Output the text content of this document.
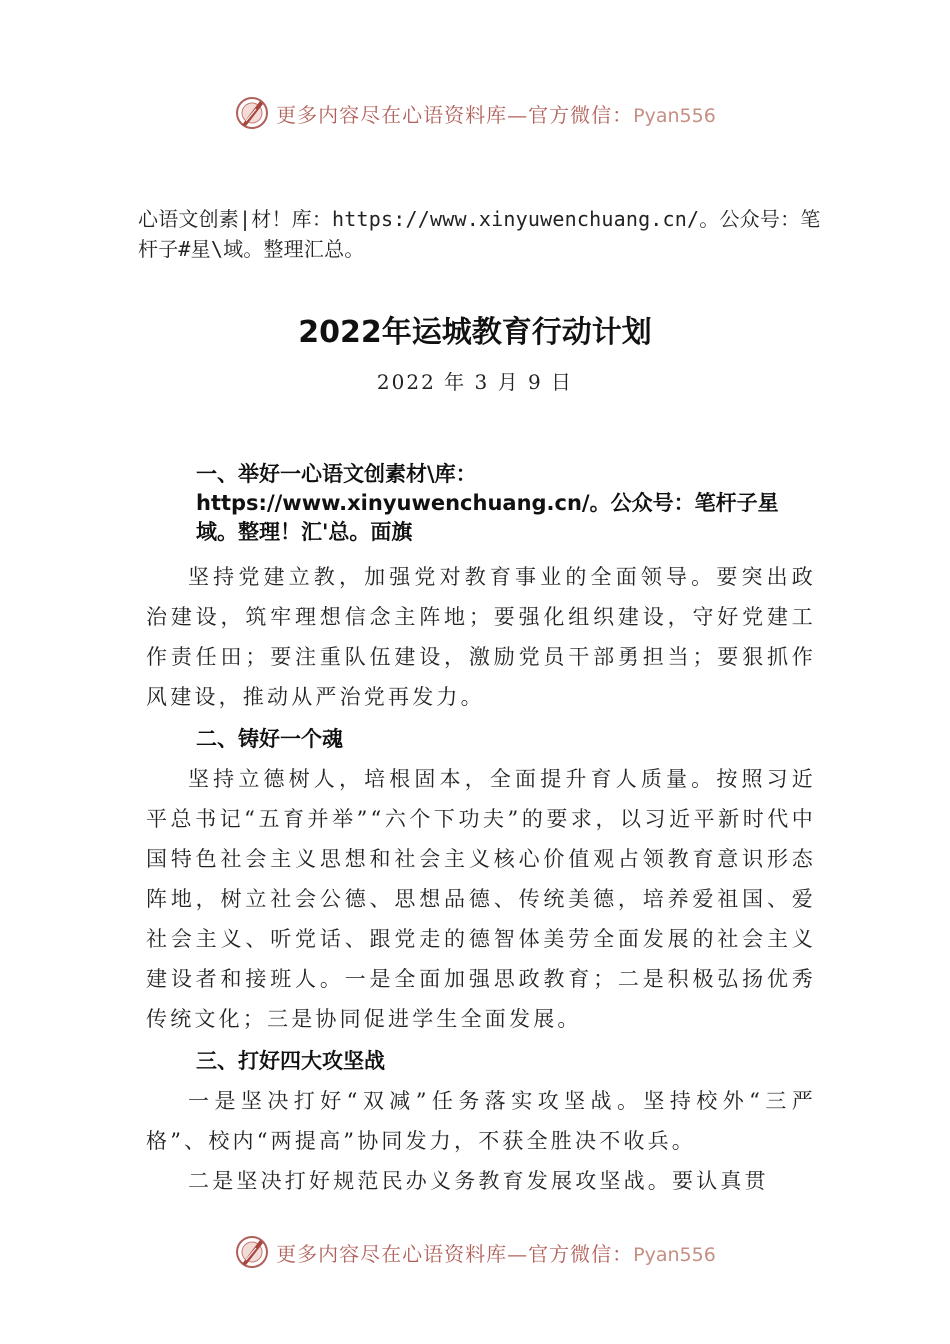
更多内容尽在心语资料库—官方微信：Pyan556
心语文创素|材！库：https://www.xinyuwenchuang.cn/。公众号：笔杆子#星\域。整理汇总。
2022年运城教育行动计划
2022 年 3 月 9 日
一、举好一心语文创素材\库：https://www.xinyuwenchuang.cn/。公众号：笔杆子星域。整理！汇'总。面旗
坚持党建立教，加强党对教育事业的全面领导。要突出政治建设，筑牢理想信念主阵地；要强化组织建设，守好党建工作责任田；要注重队伍建设，激励党员干部勇担当；要狠抓作风建设，推动从严治党再发力。
二、铸好一个魂
坚持立德树人，培根固本，全面提升育人质量。按照习近平总书记“五育并举”“六个下功夫”的要求，以习近平新时代中国特色社会主义思想和社会主义核心价值观占领教育意识形态阵地，树立社会公德、思想品德、传统美德，培养爱祖国、爱社会主义、听党话、跟党走的德智体美劳全面发展的社会主义建设者和接班人。一是全面加强思政教育；二是积极弘扬优秀传统文化；三是协同促进学生全面发展。
三、打好四大攻坚战
一是坚决打好“双减”任务落实攻坚战。坚持校外“三严格”、校内“两提高”协同发力，不获全胜决不收兵。
二是坚决打好规范民办义务教育发展攻坚战。要认真贯
更多内容尽在心语资料库—官方微信：Pyan556
